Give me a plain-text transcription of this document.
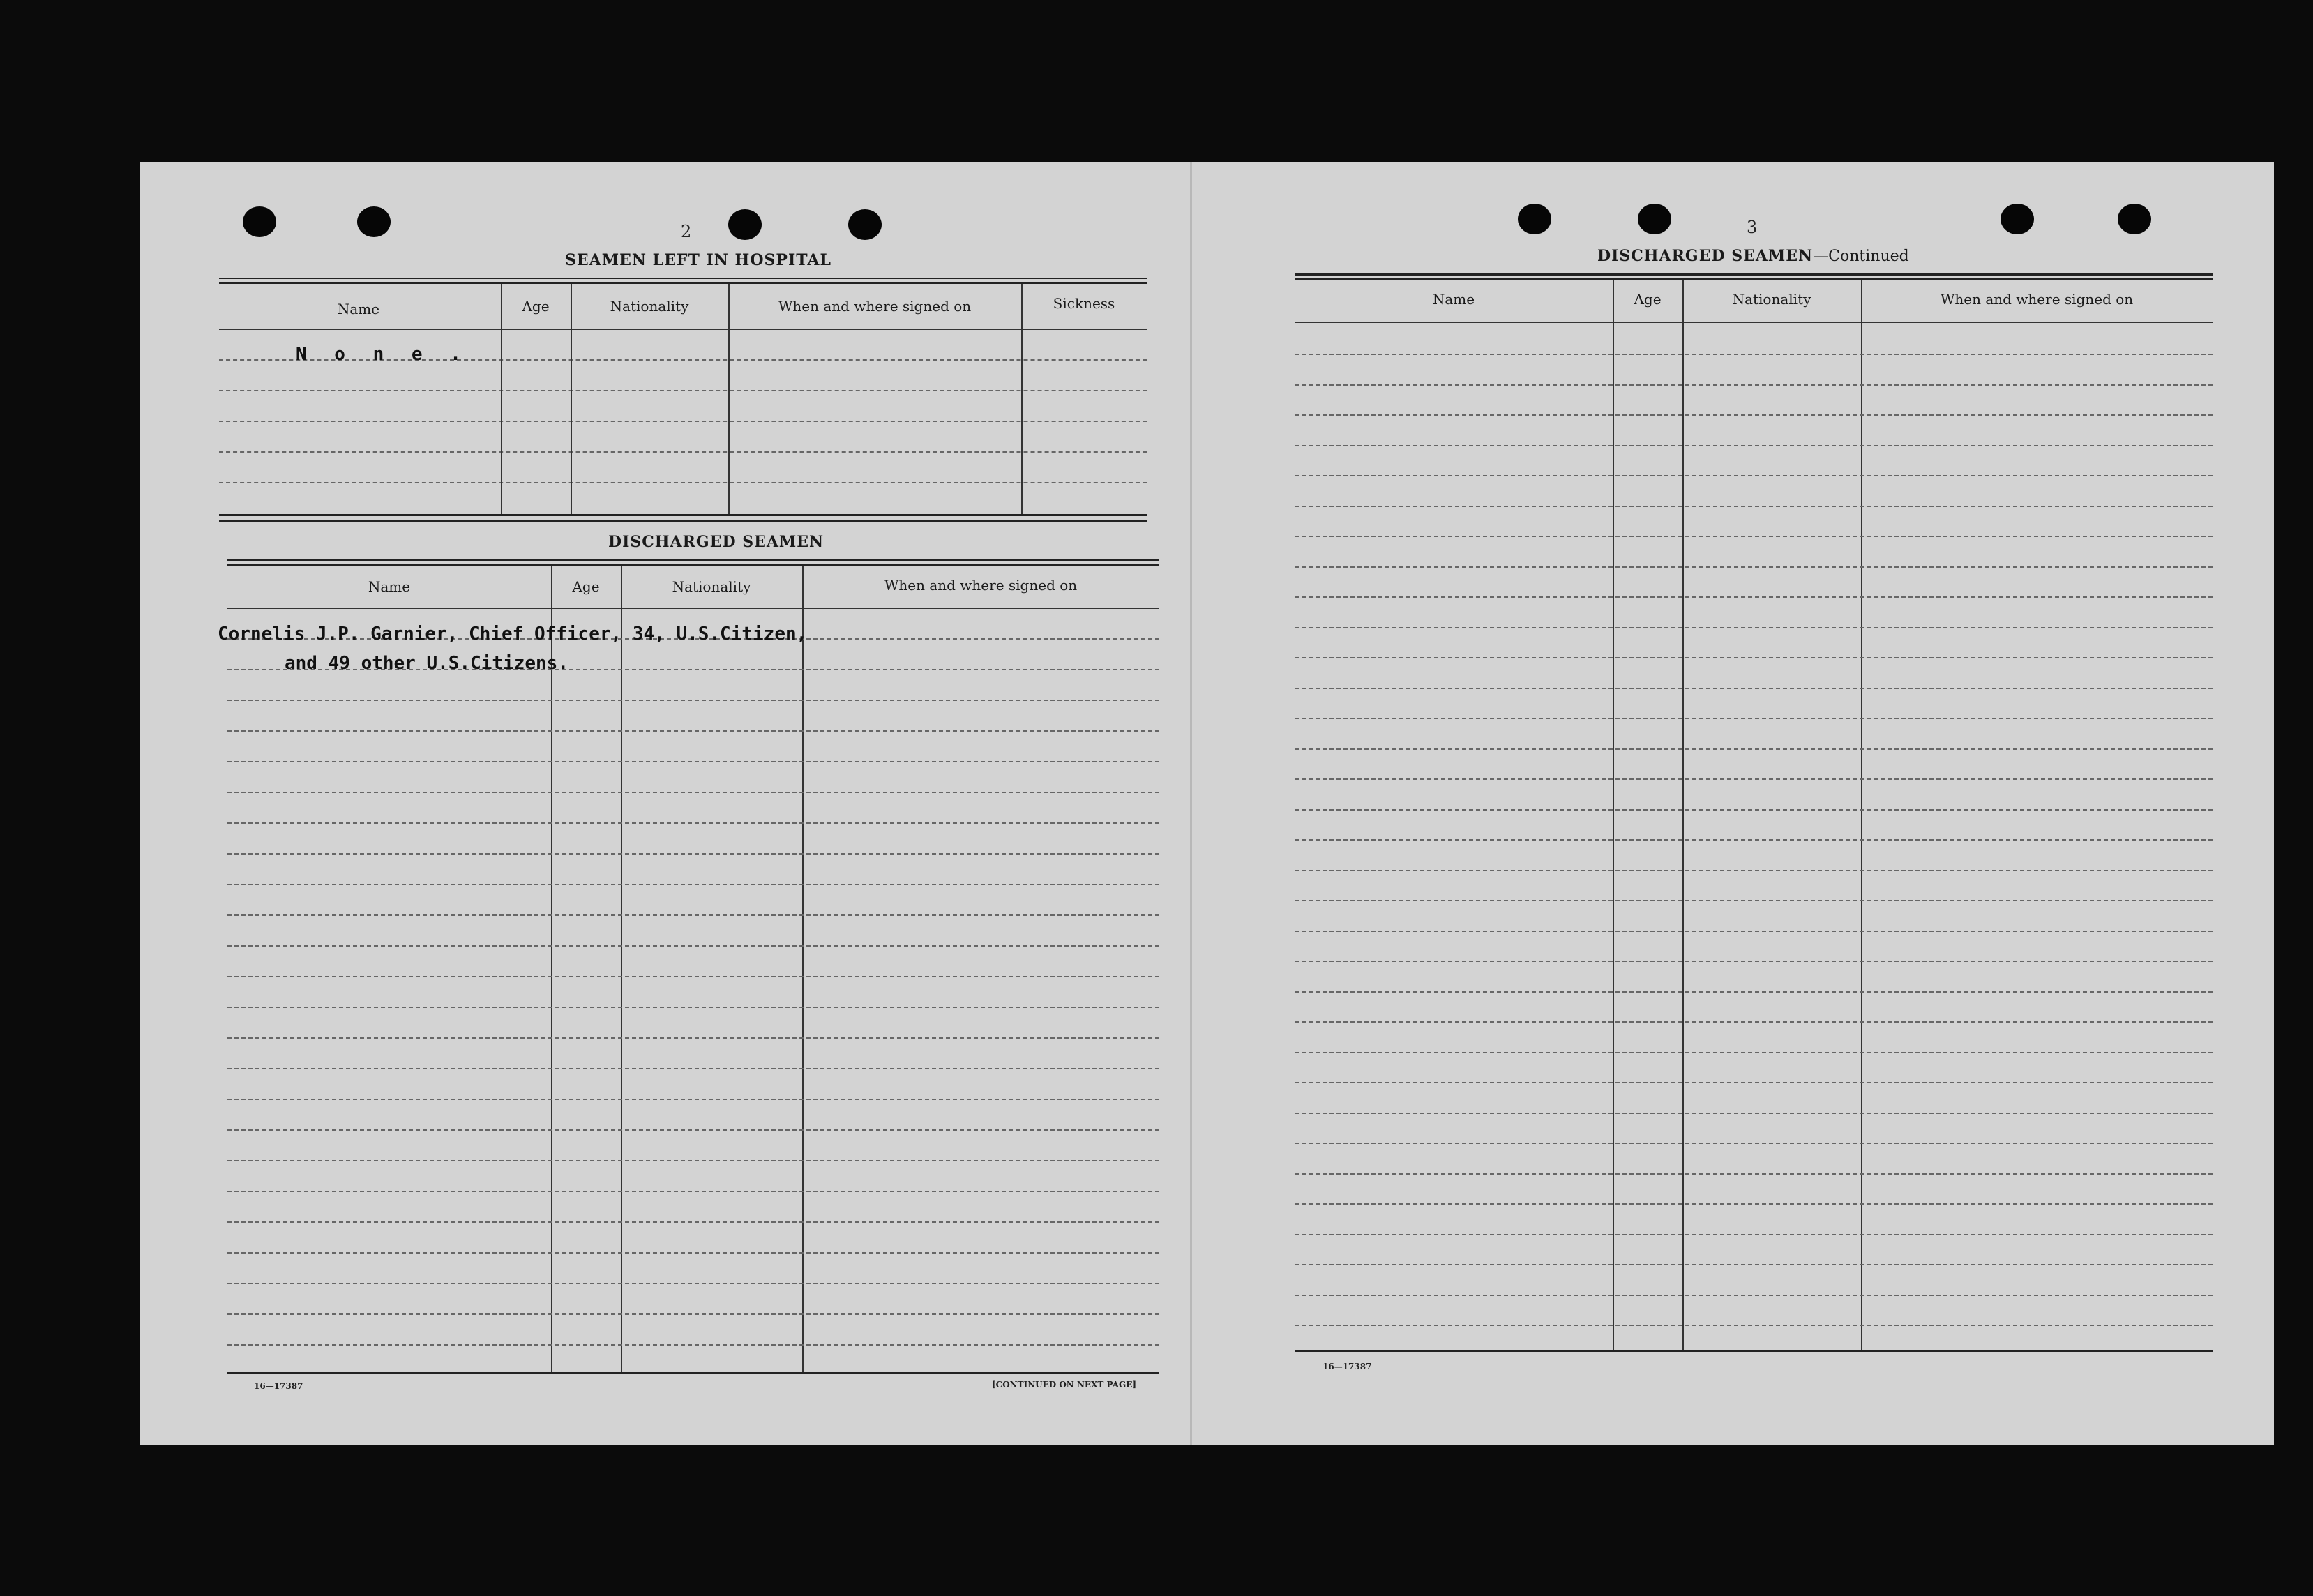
2
SEAMEN LEFT IN HOSPITAL
Name	Age	Nationality	When and where signed on	Sickness
N o n e .
DISCHARGED SEAMEN
Name	Age	Nationality	When and where signed on
Cornelis J.P. Garnier, Chief Officer, 34, U.S.Citizen,
and 49 other U.S.Citizens.
16—17387	[CONTINUED ON NEXT PAGE]
3
DISCHARGED SEAMEN—Continued
Name	Age	Nationality	When and where signed on
16—17387
